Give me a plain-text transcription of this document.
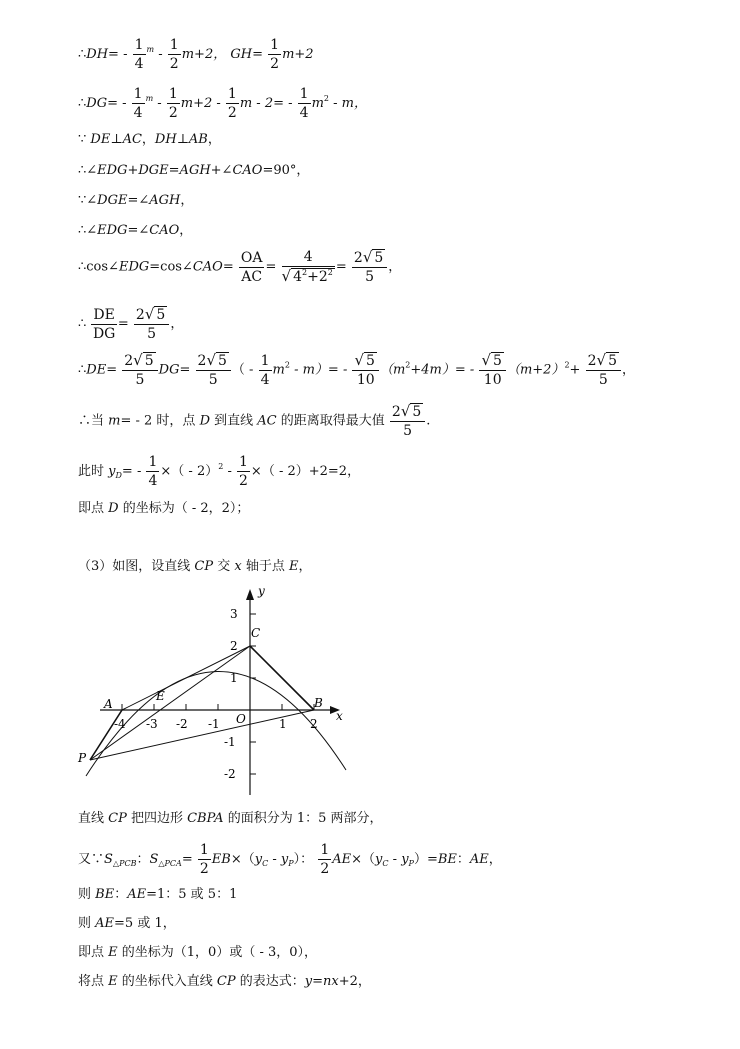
∴DH= - $\frac{1}{4} ^m - \frac{1}{2} m+2$， $GH= \frac{1}{2} m+2$
∴DG= - $\frac{1}{4} ^m - \frac{1}{2} m+2 - \frac{1}{2}$ $m - 2= - \frac{1}{4} m^2 - m$，
∵ DE⊥AC，DH⊥AB，
∴∠EDG+DGE=AGH+∠CAO=90°，
∵∠DGE=∠AGH，
∴∠EDG=∠CAO，
∴cos∠EDG=cos∠CAO= $\frac{OA}{AC} = \frac{4}{√ 4^2+2^2} = \frac{2√ 5}{5}$ ，
∴ $\frac{DE}{DG} = \frac{2√ 5}{5}$ ，
∴DE= $\frac{2√ 5}{5} DG= \frac{2√ 5}{5}$ （ - $\frac{1}{4} m^2 - m)= - \frac{√ 5}{10} (m^2+4m)= - \frac{√ 5}{10} (m+2)^2+ \frac{2√ 5}{5}$ ，
∴当 m= - 2 时，点 D 到直线 AC 的距离取得最大值 $\frac{2√ 5}{5}$ .
此时 $y_D= - \frac{1}{4}$ ×（ - $2)^2 - \frac{1}{2}$ ×（ - 2）+2=2，
即点 D 的坐标为（ - 2，2）；
（3）如图，设直线 CP 交 x 轴于点 E，
-4 -3 -2 -1	1 2
3
2
1
-1
-2
x
y
O
A	B
C
E
P
直线 CP 把四边形 CBPA 的面积分为 1：5 两部分，
又$\because S_{\triangle PCB}$：$S_{\triangle PCA}= \frac{1}{2} EB\times(y_C - y_P)$： $\frac{1}{2} AE\times(y_C - y_P)=BE$：AE，
则 BE：AE=1：5 或 5：1
则 AE=5 或 1，
即点 E 的坐标为（1，0）或（ - 3，0），
将点 E 的坐标代入直线 CP 的表达式：y=nx+2，
